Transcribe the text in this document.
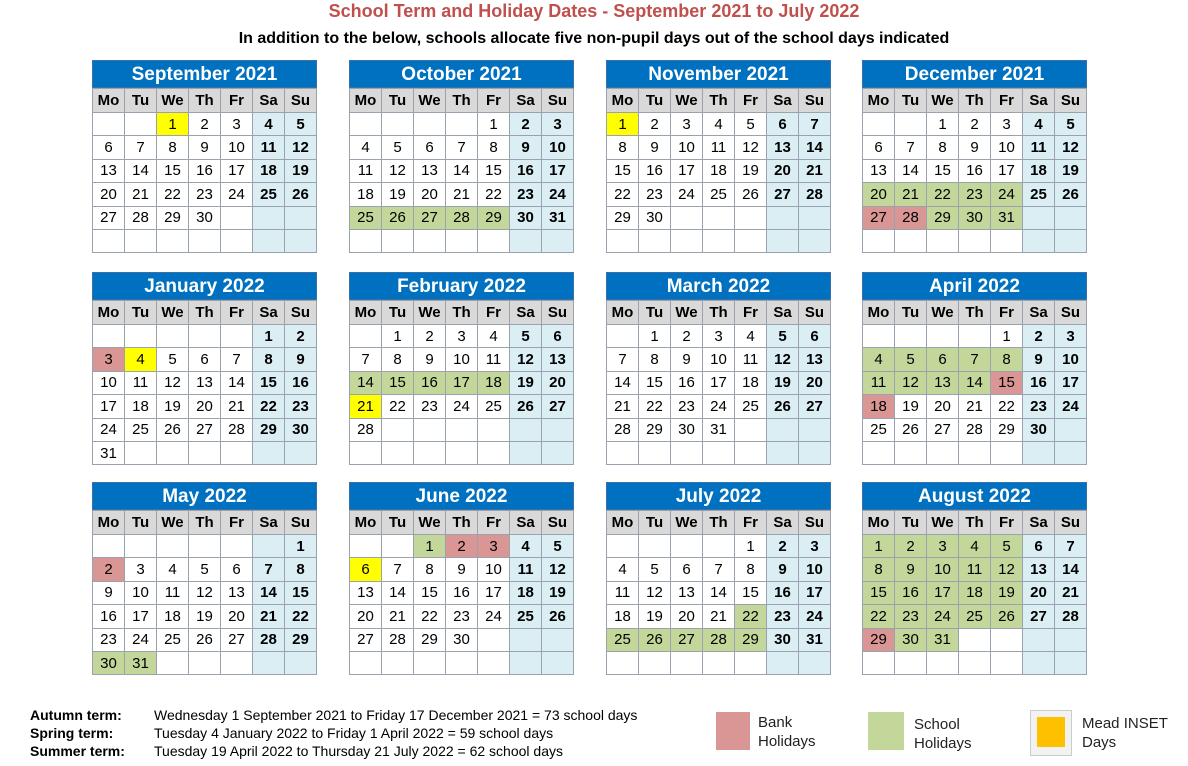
School Term and Holiday Dates - September 2021 to July 2022
In addition to the below, schools allocate five non-pupil days out of the school days indicated
September 2021
Mo	Tu	We	Th	Fr	Sa	Su
		1	2	3	4	5
6	7	8	9	10	11	12
13	14	15	16	17	18	19
20	21	22	23	24	25	26
27	28	29	30			

October 2021
Mo	Tu	We	Th	Fr	Sa	Su
				1	2	3
4	5	6	7	8	9	10
11	12	13	14	15	16	17
18	19	20	21	22	23	24
25	26	27	28	29	30	31

November 2021
Mo	Tu	We	Th	Fr	Sa	Su
1	2	3	4	5	6	7
8	9	10	11	12	13	14
15	16	17	18	19	20	21
22	23	24	25	26	27	28
29	30					

December 2021
Mo	Tu	We	Th	Fr	Sa	Su
		1	2	3	4	5
6	7	8	9	10	11	12
13	14	15	16	17	18	19
20	21	22	23	24	25	26
27	28	29	30	31		

January 2022
Mo	Tu	We	Th	Fr	Sa	Su
					1	2
3	4	5	6	7	8	9
10	11	12	13	14	15	16
17	18	19	20	21	22	23
24	25	26	27	28	29	30
31						
February 2022
Mo	Tu	We	Th	Fr	Sa	Su
	1	2	3	4	5	6
7	8	9	10	11	12	13
14	15	16	17	18	19	20
21	22	23	24	25	26	27
28						

March 2022
Mo	Tu	We	Th	Fr	Sa	Su
	1	2	3	4	5	6
7	8	9	10	11	12	13
14	15	16	17	18	19	20
21	22	23	24	25	26	27
28	29	30	31			

April 2022
Mo	Tu	We	Th	Fr	Sa	Su
				1	2	3
4	5	6	7	8	9	10
11	12	13	14	15	16	17
18	19	20	21	22	23	24
25	26	27	28	29	30	

May 2022
Mo	Tu	We	Th	Fr	Sa	Su
						1
2	3	4	5	6	7	8
9	10	11	12	13	14	15
16	17	18	19	20	21	22
23	24	25	26	27	28	29
30	31					
June 2022
Mo	Tu	We	Th	Fr	Sa	Su
		1	2	3	4	5
6	7	8	9	10	11	12
13	14	15	16	17	18	19
20	21	22	23	24	25	26
27	28	29	30			

July 2022
Mo	Tu	We	Th	Fr	Sa	Su
				1	2	3
4	5	6	7	8	9	10
11	12	13	14	15	16	17
18	19	20	21	22	23	24
25	26	27	28	29	30	31

August 2022
Mo	Tu	We	Th	Fr	Sa	Su
1	2	3	4	5	6	7
8	9	10	11	12	13	14
15	16	17	18	19	20	21
22	23	24	25	26	27	28
29	30	31				

Autumn term:	Wednesday 1 September 2021 to Friday 17 December 2021 = 73 school days
Spring term:	Tuesday 4 January 2022 to Friday 1 April 2022 = 59 school days
Summer term:	Tuesday 19 April 2022 to Thursday 21 July 2022 = 62 school days
Bank
Holidays
School
Holidays
Mead INSET
Days
